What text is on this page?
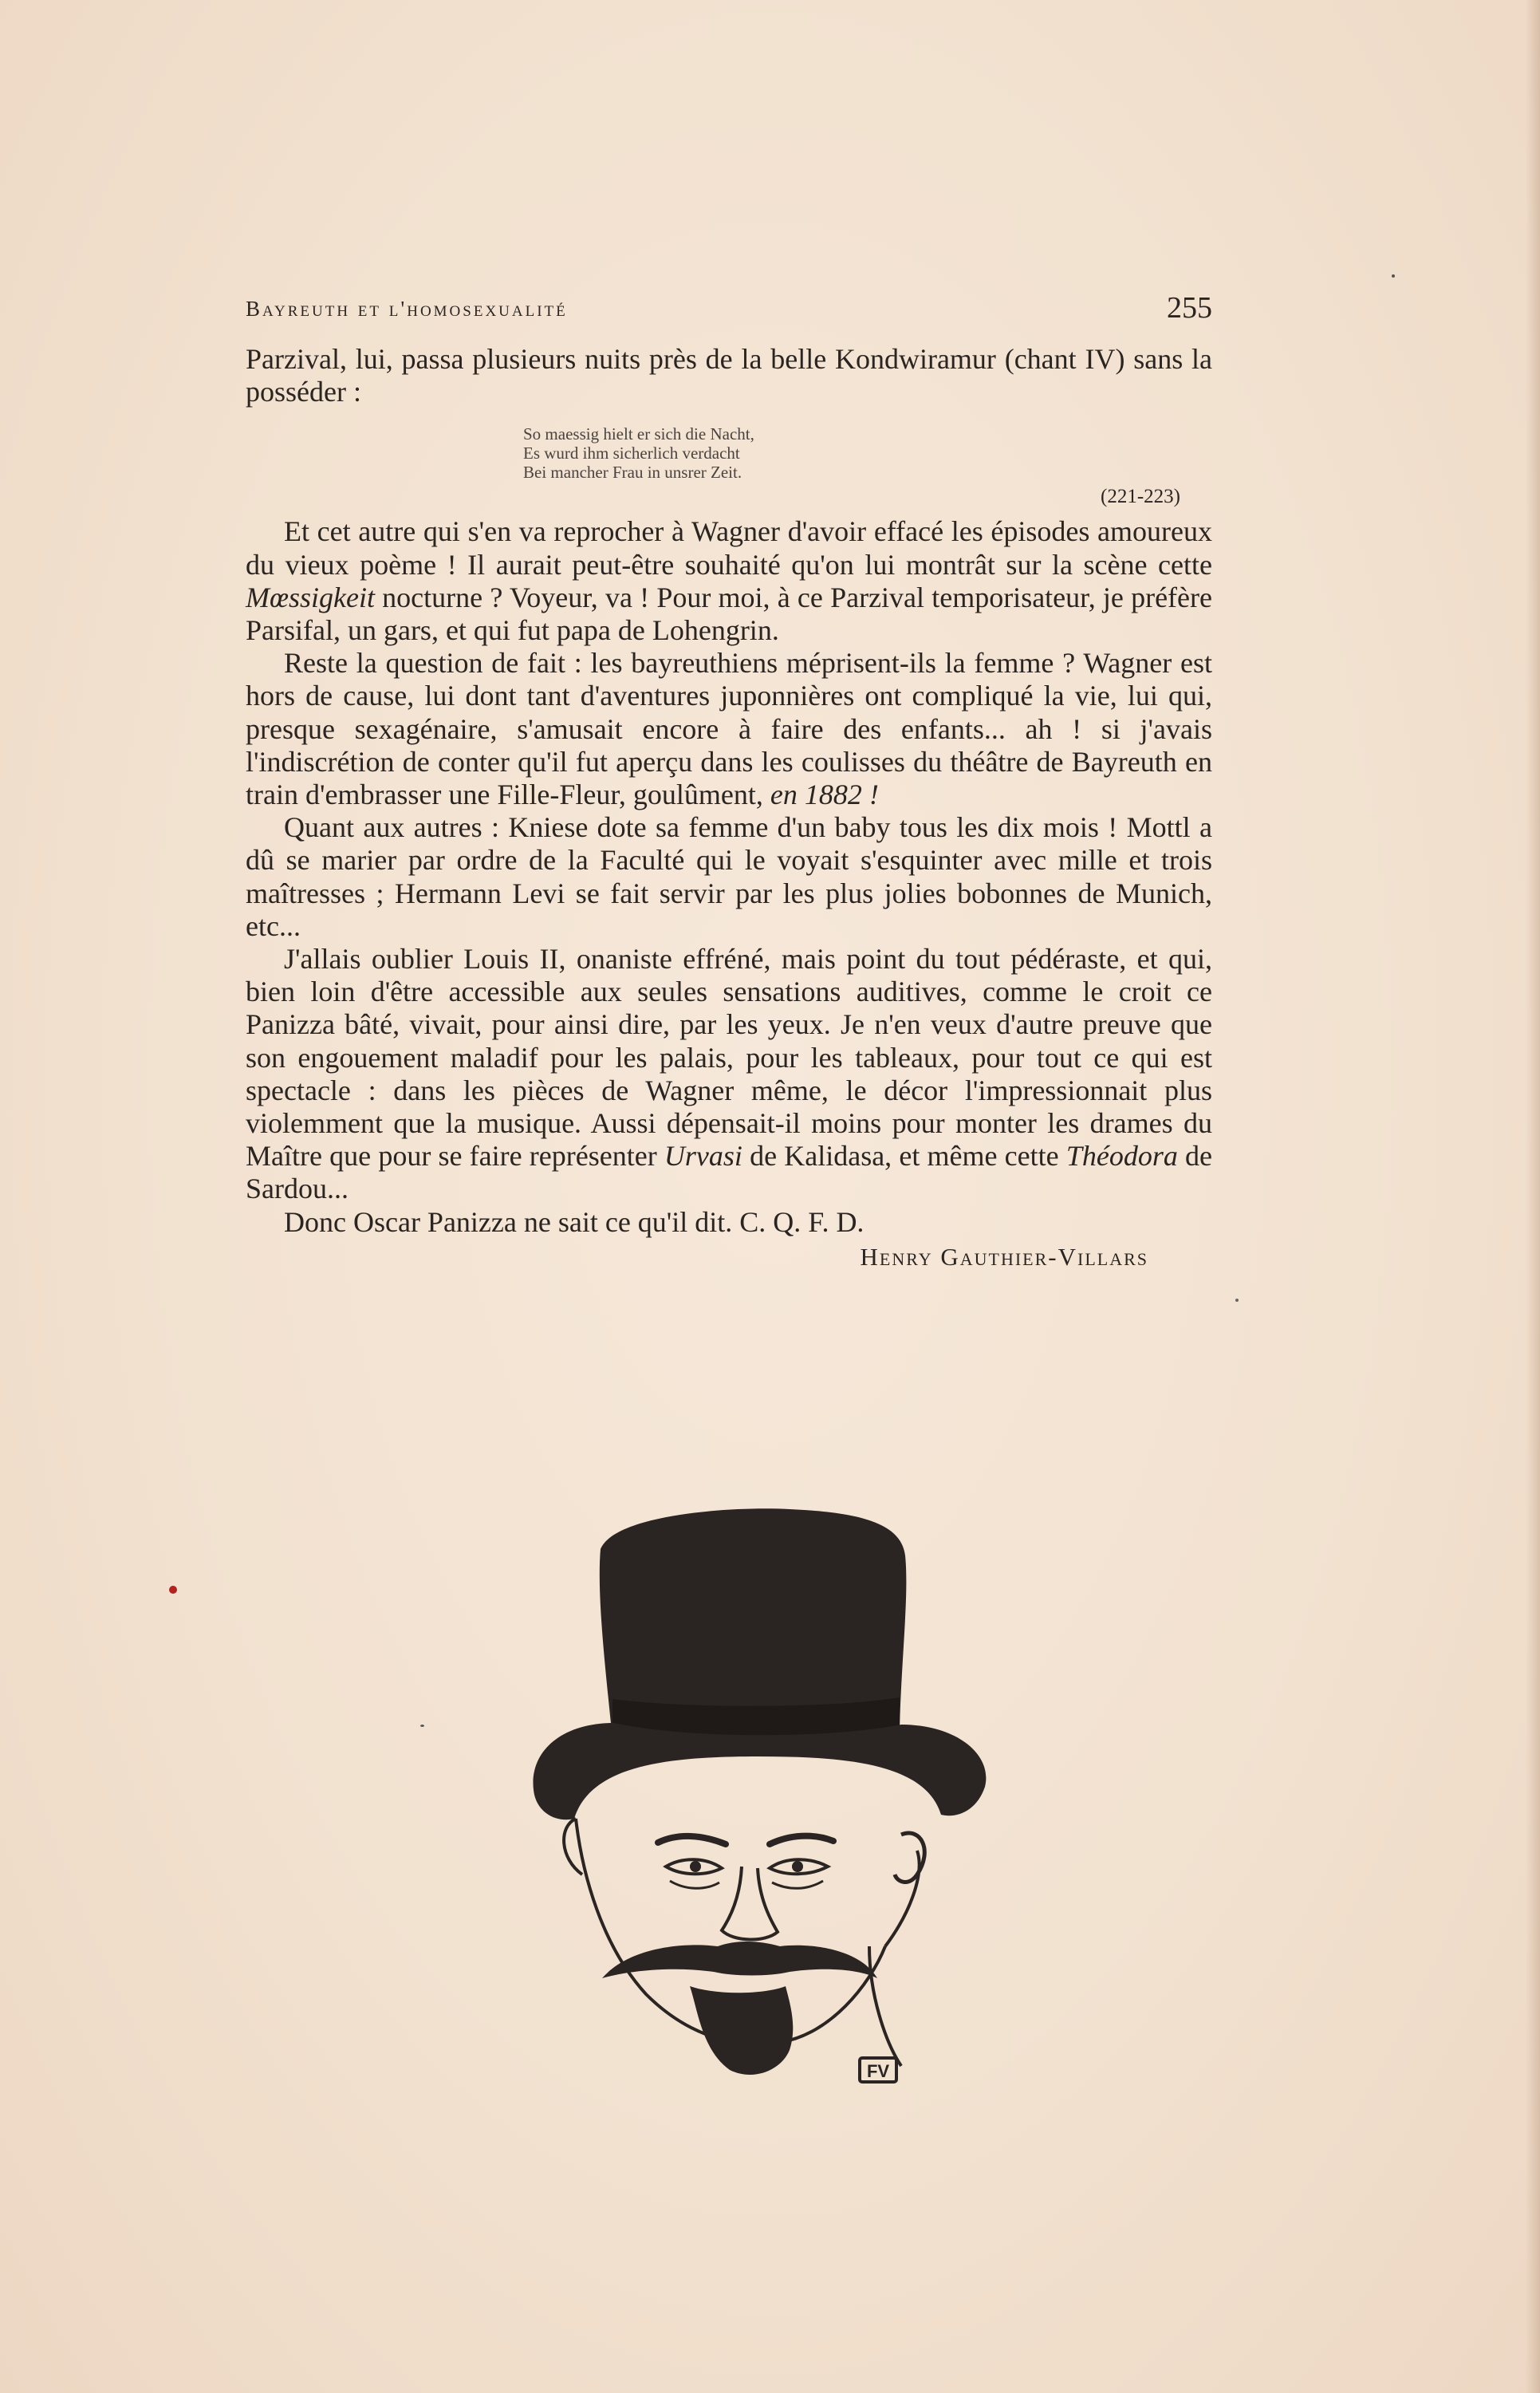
Bayreuth et l'homosexualité	255

Parzival, lui, passa plusieurs nuits près de la belle Kondwiramur (chant IV) sans la posséder :

So maessig hielt er sich die Nacht,
Es wurd ihm sicherlich verdacht
Bei mancher Frau in unsrer Zeit.
(221-223)

Et cet autre qui s'en va reprocher à Wagner d'avoir effacé les épisodes amoureux du vieux poème ! Il aurait peut-être souhaité qu'on lui montrât sur la scène cette Mœssigkeit nocturne ? Voyeur, va ! Pour moi, à ce Parzival temporisateur, je préfère Parsifal, un gars, et qui fut papa de Lohengrin.

Reste la question de fait : les bayreuthiens méprisent-ils la femme ? Wagner est hors de cause, lui dont tant d'aventures juponnières ont compliqué la vie, lui qui, presque sexagénaire, s'amusait encore à faire des enfants... ah ! si j'avais l'indiscrétion de conter qu'il fut aperçu dans les coulisses du théâtre de Bayreuth en train d'embrasser une Fille-Fleur, goulûment, en 1882 !

Quant aux autres : Kniese dote sa femme d'un baby tous les dix mois ! Mottl a dû se marier par ordre de la Faculté qui le voyait s'esquinter avec mille et trois maîtresses ; Hermann Levi se fait servir par les plus jolies bobonnes de Munich, etc...

J'allais oublier Louis II, onaniste effréné, mais point du tout pédéraste, et qui, bien loin d'être accessible aux seules sensations auditives, comme le croit ce Panizza bâté, vivait, pour ainsi dire, par les yeux. Je n'en veux d'autre preuve que son engouement maladif pour les palais, pour les tableaux, pour tout ce qui est spectacle : dans les pièces de Wagner même, le décor l'impressionnait plus violemment que la musique. Aussi dépensait-il moins pour monter les drames du Maître que pour se faire représenter Urvasi de Kalidasa, et même cette Théodora de Sardou...

Donc Oscar Panizza ne sait ce qu'il dit. C. Q. F. D.

Henry Gauthier-Villars
FV
